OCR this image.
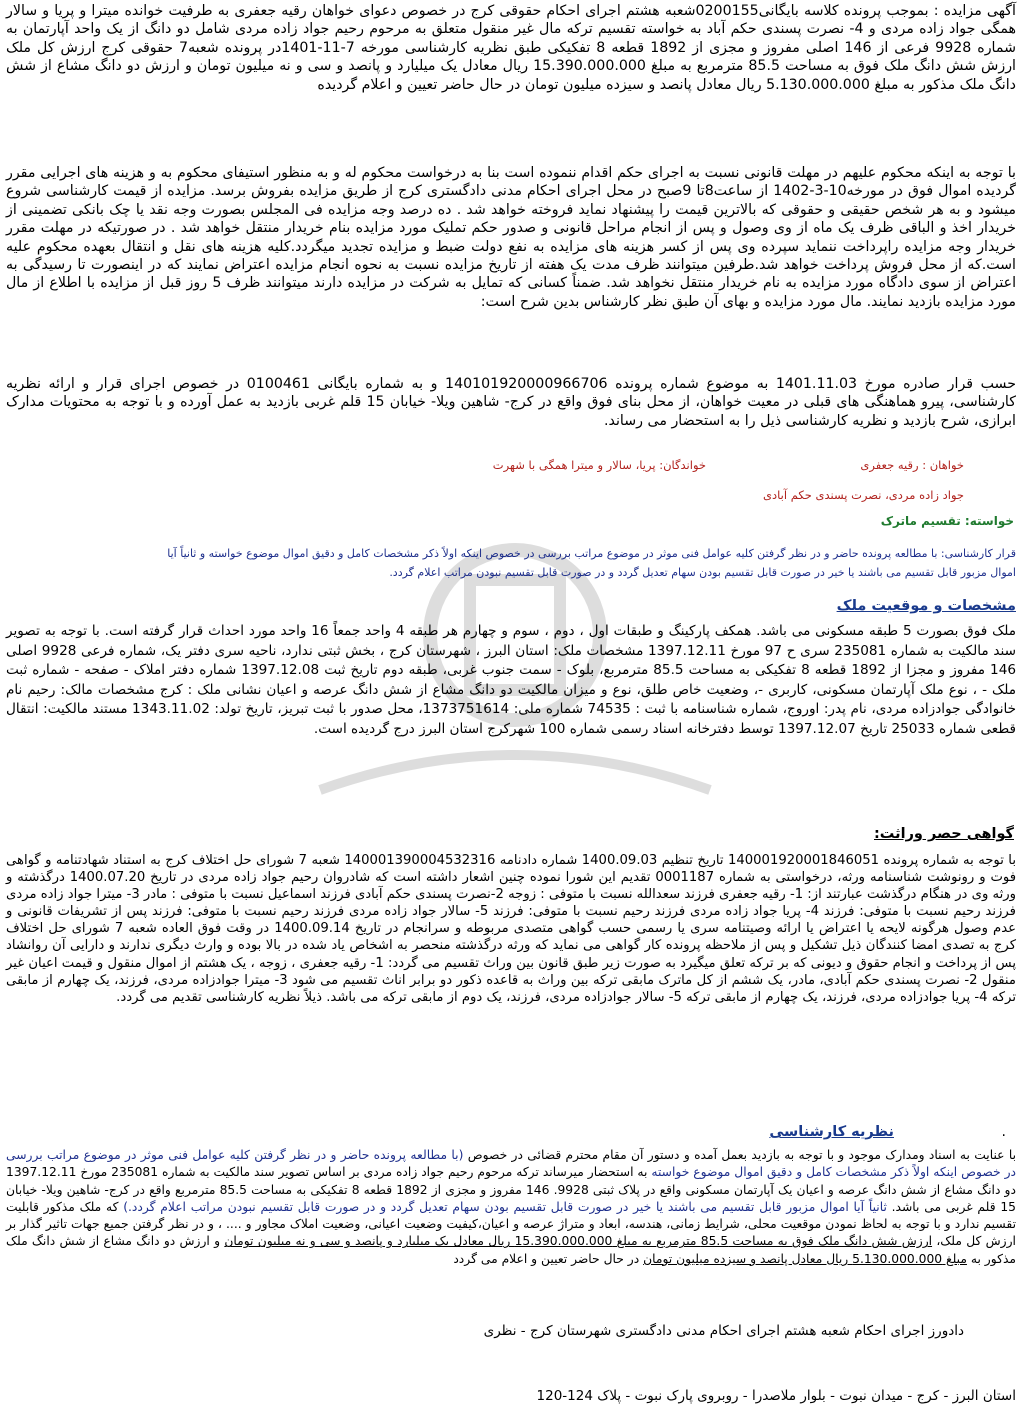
آگهی مزایده : بموجب پرونده کلاسه بایگانی0200155شعبه هشتم اجرای احکام حقوقی کرج در خصوص دعوای خواهان رقیه جعفری به طرفیت خوانده میترا و پریا و سالار همگی جواد زاده مردی و 4- نصرت پسندی حکم آباد به خواسته تقسیم ترکه مال غیر منقول متعلق به مرحوم رحیم جواد زاده مردی شامل دو دانگ از یک واحد آپارتمان به شماره 9928 فرعی از 146 اصلی مفروز و مجزی از 1892 قطعه 8 تفکیکی طبق نظریه کارشناسی مورخه 7-11-1401در پرونده شعبه7 حقوقی کرج ارزش کل ملک ارزش شش دانگ ملک فوق به مساحت 85.5 مترمربع به مبلغ 15.390.000.000 ریال معادل یک میلیارد و پانصد و سی و نه میلیون تومان و ارزش دو دانگ مشاع از شش دانگ ملک مذکور به مبلغ 5.130.000.000 ریال معادل پانصد و سیزده میلیون تومان در حال حاضر تعیین و اعلام گردیده
با توجه به اینکه محکوم علیهم در مهلت قانونی نسبت به اجرای حکم اقدام ننموده است بنا به درخواست محکوم له و به منظور استیفای محکوم به و هزینه های اجرایی مقرر گردیده اموال فوق در مورخه10-3-1402 از ساعت8تا 9صبح در محل اجرای احکام مدنی دادگستری کرج از طریق مزایده بفروش برسد. مزایده از قیمت کارشناسی شروع میشود و به هر شخص حقیقی و حقوقی که بالاترین قیمت را پیشنهاد نماید فروخته خواهد شد . ده درصد وجه مزایده فی المجلس بصورت وجه نقد یا چک بانکی تضمینی از خریدار اخذ و الباقی ظرف یک ماه از وی وصول و پس از انجام مراحل قانونی و صدور حکم تملیک مورد مزایده بنام خریدار منتقل خواهد شد . در صورتیکه در مهلت مقرر خریدار وجه مزایده راپرداخت ننماید سپرده وی پس از کسر هزینه های مزایده به نفع دولت ضبط و مزایده تجدید میگردد.کلیه هزینه های نقل و انتقال بعهده محکوم علیه است.که از محل فروش پرداخت خواهد شد.طرفین میتوانند ظرف مدت یک هفته از تاریخ مزایده نسبت به نحوه انجام مزایده اعتراض نمایند که در اینصورت تا رسیدگی به اعتراض از سوی دادگاه مورد مزایده به نام خریدار منتقل نخواهد شد. ضمناً کسانی که تمایل به شرکت در مزایده دارند میتوانند ظرف 5 روز قبل از مزایده با اطلاع از مال مورد مزایده بازدید نمایند. مال مورد مزایده و بهای آن طبق نظر کارشناس بدین شرح است:
حسب قرار صادره مورخ 1401.11.03 به موضوع شماره پرونده 140101920000966706 و به شماره بایگانی 0100461 در خصوص اجرای قرار و ارائه نظریه کارشناسی، پیرو هماهنگی های قبلی در معیت خواهان، از محل بنای فوق واقع در کرج- شاهین ویلا- خیابان 15 قلم غربی بازدید به عمل آورده و با توجه به محتویات مدارک ابرازی، شرح بازدید و نظریه کارشناسی ذیل را به استحضار می رساند.
خواهان : رقیه جعفری
خواندگان: پریا، سالار و میترا همگی با شهرت
جواد زاده مردی، نصرت پسندی حکم آبادی
خواسته: تقسیم ماترک
قرار کارشناسی: با مطالعه پرونده حاضر و در نظر گرفتن کلیه عوامل فنی موثر در موضوع مراتب بررسی در خصوص اینکه اولاً ذکر مشخصات کامل و دقیق اموال موضوع خواسته و ثانیاً آیا
اموال مزبور قابل تقسیم می باشند یا خیر در صورت قابل تقسیم بودن سهام تعدیل گردد و در صورت قابل تقسیم نبودن مراتب اعلام گردد.
مشخصات و موقعیت ملک
ملک فوق بصورت 5 طبقه مسکونی می باشد. همکف پارکینگ و طبقات اول ، دوم ، سوم و چهارم هر طبقه 4 واحد جمعاً 16 واحد مورد احداث قرار گرفته است. با توجه به تصویر سند مالکیت به شماره 235081 سری ح 97 مورخ 1397.12.11 مشخصات ملک: استان البرز ، شهرستان کرج ، بخش ثبتی ندارد، ناحیه سری دفتر یک، شماره فرعی 9928 اصلی 146 مفروز و مجزا از 1892 قطعه 8 تفکیکی به مساحت 85.5 مترمربع، بلوک - سمت جنوب غربی، طبقه دوم تاریخ ثبت 1397.12.08 شماره دفتر املاک - صفحه - شماره ثبت ملک - ، نوع ملک آپارتمان مسکونی، کاربری -، وضعیت خاص طلق، نوع و میزان مالکیت دو دانگ مشاع از شش دانگ عرصه و اعیان نشانی ملک : کرج مشخصات مالک: رحیم نام خانوادگی جوادزاده مردی، نام پدر: اوروج، شماره شناسنامه با ثبت : 74535 شماره ملی: 1373751614، محل صدور با ثبت تبریز، تاریخ تولد: 1343.11.02 مستند مالکیت: انتقال قطعی شماره 25033 تاریخ 1397.12.07 توسط دفترخانه اسناد رسمی شماره 100 شهرکرج استان البرز درج گردیده است.
گواهی حصر وراثت:
با توجه به شماره پرونده 140001920001846051 تاریخ تنظیم 1400.09.03 شماره دادنامه 140001390004532316 شعبه 7 شورای حل اختلاف کرج به استناد شهادتنامه و گواهی فوت و رونوشت شناسنامه ورثه، درخواستی به شماره 0001187 تقدیم این شورا نموده چنین اشعار داشته است که شادروان رحیم جواد زاده مردی در تاریخ 1400.07.20 درگذشته و ورثه وی در هنگام درگذشت عبارتند از: 1- رقیه جعفری فرزند سعدالله نسبت با متوفی : زوجه 2-نصرت پسندی حکم آبادی فرزند اسماعیل نسبت با متوفی : مادر 3- میترا جواد زاده مردی فرزند رحیم نسبت با متوفی: فرزند 4- پریا جواد زاده مردی فرزند رحیم نسبت با متوفی: فرزند 5- سالار جواد زاده مردی فرزند رحیم نسبت با متوفی: فرزند پس از تشریفات قانونی و عدم وصول هرگونه لایحه یا اعتراض یا ارائه وصیتنامه سری یا رسمی حسب گواهی متصدی مربوطه و سرانجام در تاریخ 1400.09.14 در وقت فوق العاده شعبه 7 شورای حل اختلاف کرج به تصدی امضا کنندگان ذیل تشکیل و پس از ملاحظه پرونده کار گواهی می نماید که ورثه درگذشته منحصر به اشخاص یاد شده در بالا بوده و وارث دیگری ندارند و دارایی آن روانشاد پس از پرداخت و انجام حقوق و دیونی که بر ترکه تعلق میگیرد به صورت زیر طبق قانون بین وراث تقسیم می گردد: 1- رقیه جعفری ، زوجه ، یک هشتم از اموال منقول و قیمت اعیان غیر منقول 2- نصرت پسندی حکم آبادی، مادر، یک ششم از کل ماترک مابقی ترکه بین وراث به قاعده ذکور دو برابر اناث تقسیم می شود 3- میترا جوادزاده مردی، فرزند، یک چهارم از مابقی ترکه 4- پریا جوادزاده مردی، فرزند، یک چهارم از مابقی ترکه 5- سالار جوادزاده مردی، فرزند، یک دوم از مابقی ترکه می باشد. ذیلاً نظریه کارشناسی تقدیم می گردد.
نظریه کارشناسی	.
با عنایت به اسناد ومدارک موجود و با توجه به بازدید بعمل آمده و دستور آن مقام محترم قضائی در خصوص (با مطالعه پرونده حاضر و در نظر گرفتن کلیه عوامل فنی موثر در موضوع مراتب بررسی در خصوص اینکه اولاً ذکر مشخصات کامل و دقیق اموال موضوع خواسته به استحضار میرساند ترکه مرحوم رحیم جواد زاده مردی بر اساس تصویر سند مالکیت به شماره 235081 مورخ 1397.12.11 دو دانگ مشاع از شش دانگ عرصه و اعیان یک آپارتمان مسکونی واقع در پلاک ثبتی 9928. 146 مفروز و مجزی از 1892 قطعه 8 تفکیکی به مساحت 85.5 مترمربع واقع در کرج- شاهین ویلا- خیابان 15 قلم غربی می باشد. ثانیاً آیا اموال مزبور قابل تقسیم می باشند یا خیر در صورت قابل تقسیم بودن سهام تعدیل گردد و در صورت قابل تقسیم نبودن مراتب اعلام گردد.) که ملک مذکور قابلیت تقسیم ندارد و با توجه به لحاظ نمودن موقعیت محلی، شرایط زمانی، هندسه، ابعاد و متراژ عرصه و اعیان،کیفیت وضعیت اعیانی، وضعیت املاک مجاور و .... ، و در نظر گرفتن جمیع جهات تاثیر گذار بر ارزش کل ملک، ارزش شش دانگ ملک فوق به مساحت 85.5 مترمربع به مبلغ 15.390.000.000 ریال معادل یک میلیارد و پانصد و سی و نه میلیون تومان و ارزش دو دانگ مشاع از شش دانگ ملک مذکور به مبلغ 5.130.000.000 ریال معادل پانصد و سیزده میلیون تومان در حال حاضر تعیین و اعلام می گردد
دادورز اجرای احکام شعبه هشتم اجرای احکام مدنی دادگستری شهرستان کرج - نظری
استان البرز - کرج - میدان نبوت - بلوار ملاصدرا - روبروی پارک نبوت - پلاک 124-120
